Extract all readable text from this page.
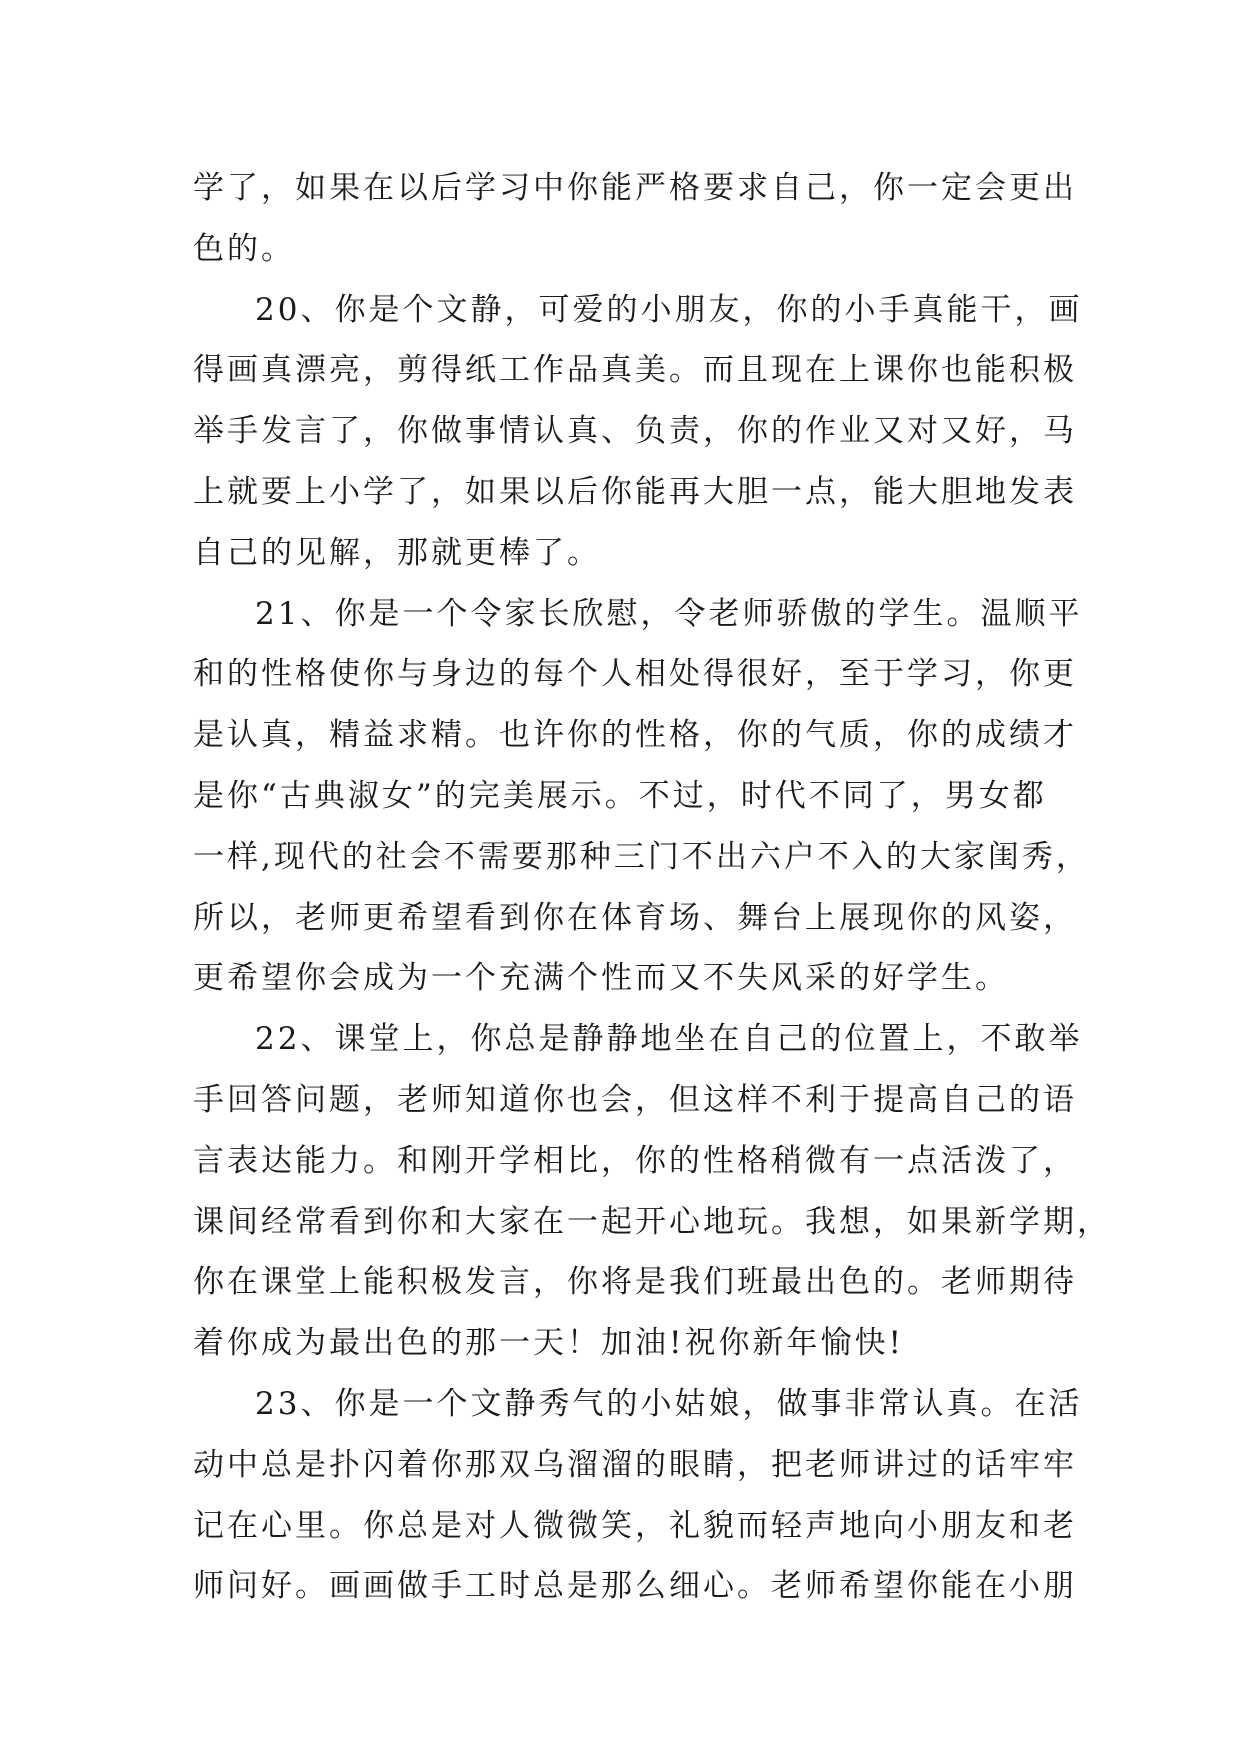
学了，如果在以后学习中你能严格要求自己，你一定会更出
色的。
20、你是个文静，可爱的小朋友，你的小手真能干，画
得画真漂亮，剪得纸工作品真美。而且现在上课你也能积极
举手发言了，你做事情认真、负责，你的作业又对又好，马
上就要上小学了，如果以后你能再大胆一点，能大胆地发表
自己的见解，那就更棒了。
21、你是一个令家长欣慰，令老师骄傲的学生。温顺平
和的性格使你与身边的每个人相处得很好，至于学习，你更
是认真，精益求精。也许你的性格，你的气质，你的成绩才
是你“古典淑女”的完美展示。不过，时代不同了，男女都
一样,现代的社会不需要那种三门不出六户不入的大家闺秀，
所以，老师更希望看到你在体育场、舞台上展现你的风姿，
更希望你会成为一个充满个性而又不失风采的好学生。
22、课堂上，你总是静静地坐在自己的位置上，不敢举
手回答问题，老师知道你也会，但这样不利于提高自己的语
言表达能力。和刚开学相比，你的性格稍微有一点活泼了，
课间经常看到你和大家在一起开心地玩。我想，如果新学期，
你在课堂上能积极发言，你将是我们班最出色的。老师期待
着你成为最出色的那一天！加油!祝你新年愉快!
23、你是一个文静秀气的小姑娘，做事非常认真。在活
动中总是扑闪着你那双乌溜溜的眼睛，把老师讲过的话牢牢
记在心里。你总是对人微微笑，礼貌而轻声地向小朋友和老
师问好。画画做手工时总是那么细心。老师希望你能在小朋
